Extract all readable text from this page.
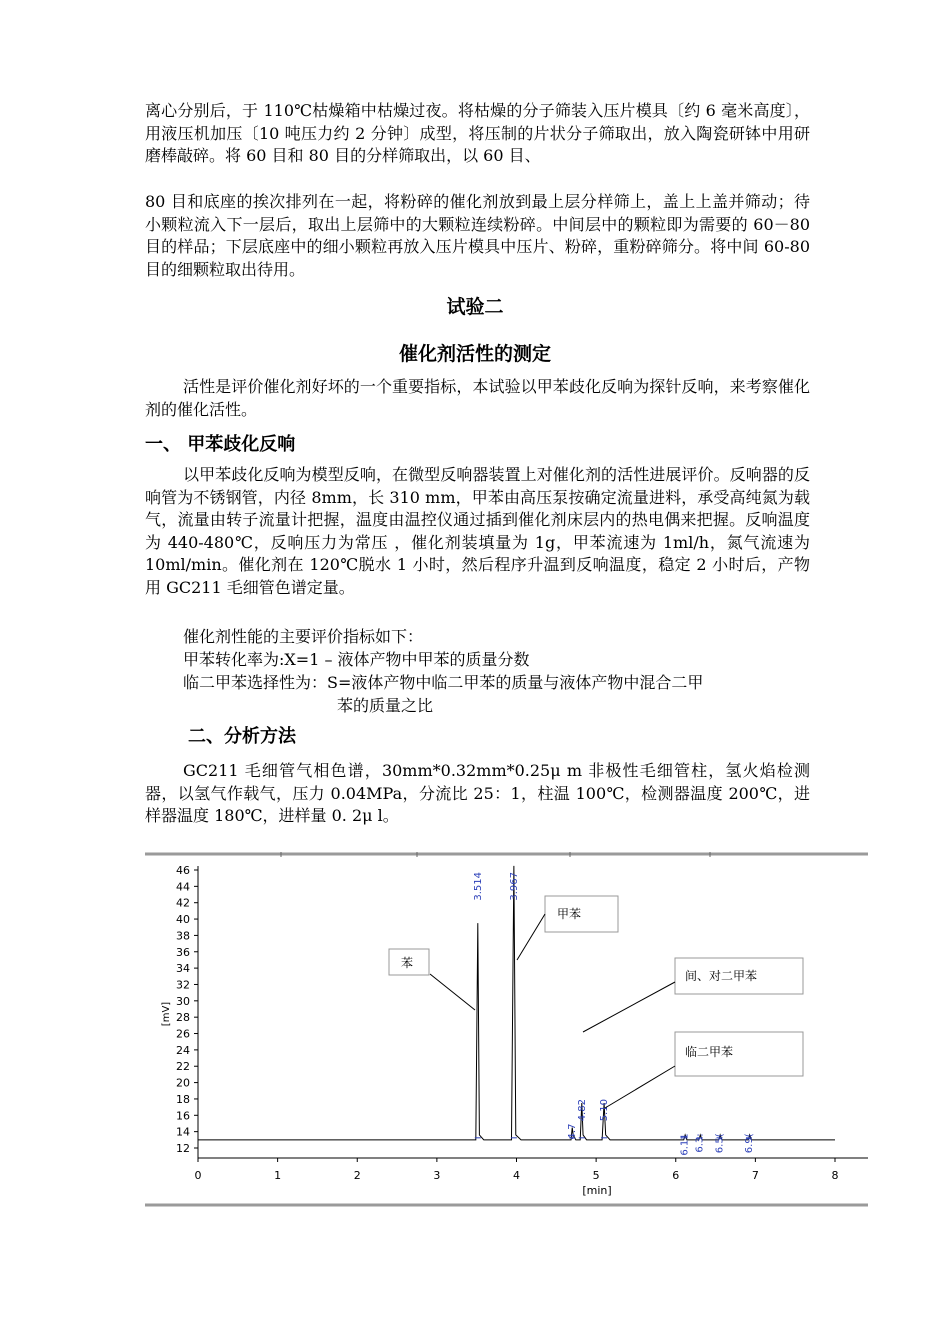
离心分别后，于 110℃枯燥箱中枯燥过夜。将枯燥的分子筛装入压片模具〔约 6 毫米高度〕，用液压机加压〔10 吨压力约 2 分钟〕成型，将压制的片状分子筛取出，放入陶瓷研钵中用研磨棒敲碎。将 60 目和 80 目的分样筛取出，以 60 目、

80 目和底座的挨次排列在一起，将粉碎的催化剂放到最上层分样筛上，盖上上盖并筛动；待小颗粒流入下一层后，取出上层筛中的大颗粒连续粉碎。中间层中的颗粒即为需要的 60－80 目的样品；下层底座中的细小颗粒再放入压片模具中压片、粉碎，重粉碎筛分。将中间 60-80 目的细颗粒取出待用。

试验二
催化剂活性的测定

活性是评价催化剂好坏的一个重要指标，本试验以甲苯歧化反响为探针反响，来考察催化剂的催化活性。

一、 甲苯歧化反响

以甲苯歧化反响为模型反响，在微型反响器装置上对催化剂的活性进展评价。反响器的反响管为不锈钢管，内径 8mm，长 310 mm，甲苯由高压泵按确定流量进料，承受高纯氮为载气，流量由转子流量计把握，温度由温控仪通过插到催化剂床层内的热电偶来把握。反响温度为 440-480℃，反响压力为常压 ，催化剂装填量为 1g，甲苯流速为 1ml/h，氮气流速为 10ml/min。催化剂在 120℃脱水 1 小时，然后程序升温到反响温度，稳定 2 小时后，产物用 GC211 毛细管色谱定量。

催化剂性能的主要评价指标如下：

甲苯转化率为:X=1 – 液体产物中甲苯的质量分数

临二甲苯选择性为：S=液体产物中临二甲苯的质量与液体产物中混合二甲

苯的质量之比

二、分析方法

GC211 毛细管气相色谱，30mm*0.32mm*0.25μ m 非极性毛细管柱，氢火焰检测器，以氢气作载气，压力 0.04MPa，分流比 25：1，柱温 100℃，检测器温度 200℃，进样器温度 180℃，进样量 0. 2μ l。

12
14
16
18
20
22
24
26
28
30
32
34
36
38
40
42
44
46
0	1	2	3	4	5	6	7	8
[mV]
[min]
3.514	3.967
4.7
4.82 5.10
6.11 6.3: 6.5( 6.9(
苯
甲苯
间、对二甲苯
临二甲苯
